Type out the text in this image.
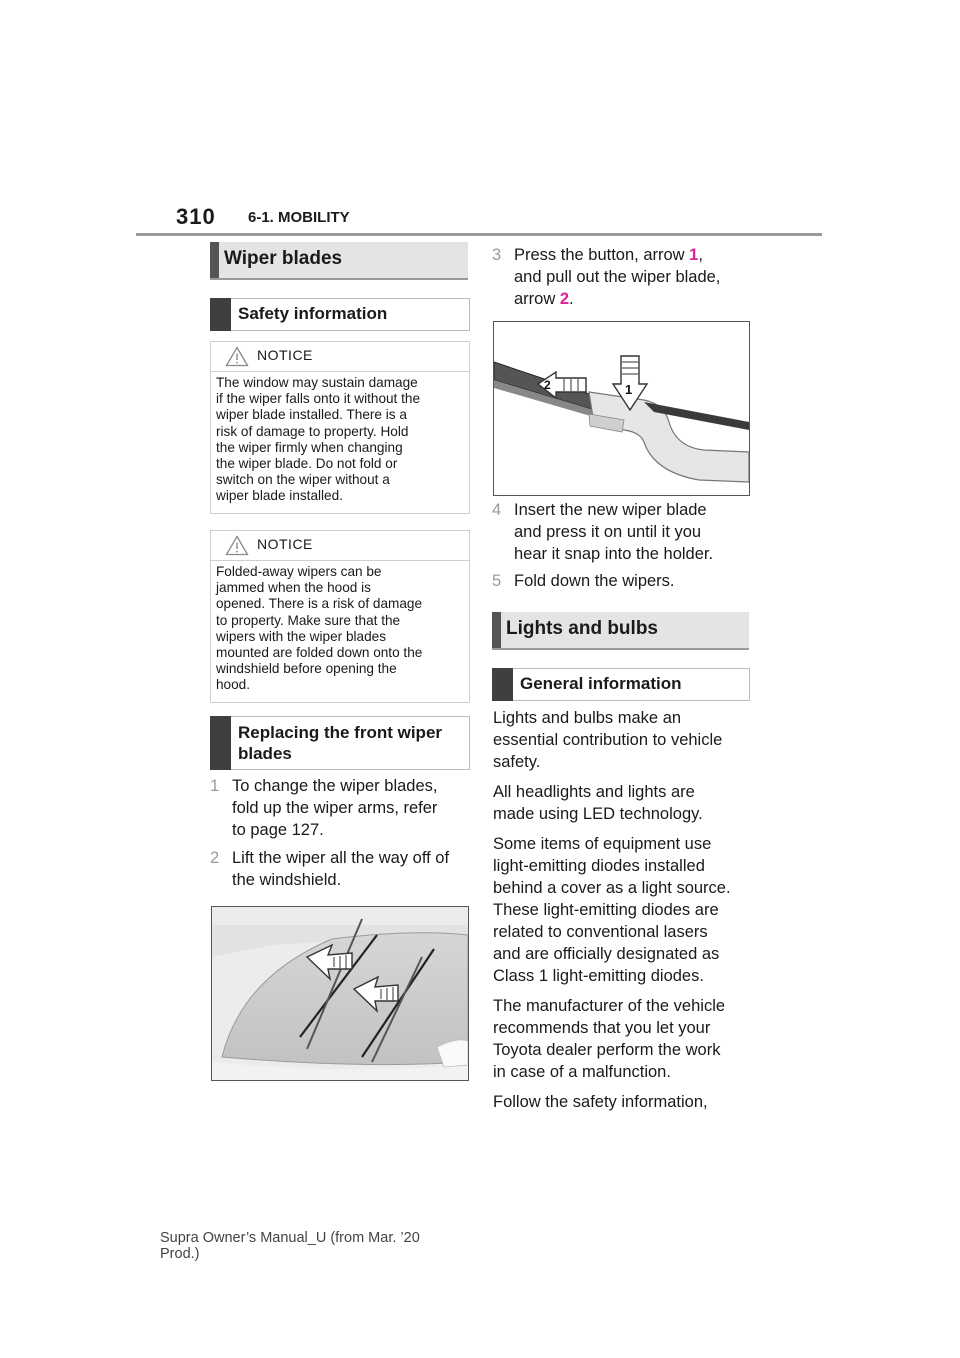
310 6-1. MOBILITY
Wiper blades
Safety information
NOTICE
The window may sustain damage
if the wiper falls onto it without the
wiper blade installed. There is a
risk of damage to property. Hold
the wiper firmly when changing
the wiper blade. Do not fold or
switch on the wiper without a
wiper blade installed.
NOTICE
Folded-away wipers can be
jammed when the hood is
opened. There is a risk of damage
to property. Make sure that the
wipers with the wiper blades
mounted are folded down onto the
windshield before opening the
hood.
Replacing the front wiper
blades
1 To change the wiper blades,
fold up the wiper arms, refer
to page 127.
2 Lift the wiper all the way off of
the windshield.
3 Press the button, arrow 1,
and pull out the wiper blade,
arrow 2.
1
2
4 Insert the new wiper blade
and press it on until it you
hear it snap into the holder.
5 Fold down the wipers.
Lights and bulbs
General information
Lights and bulbs make an
essential contribution to vehicle
safety.
All headlights and lights are
made using LED technology.
Some items of equipment use
light-emitting diodes installed
behind a cover as a light source.
These light-emitting diodes are
related to conventional lasers
and are officially designated as
Class 1 light-emitting diodes.
The manufacturer of the vehicle
recommends that you let your
Toyota dealer perform the work
in case of a malfunction.
Follow the safety information,
Supra Owner’s Manual_U (from Mar. ’20
Prod.)
